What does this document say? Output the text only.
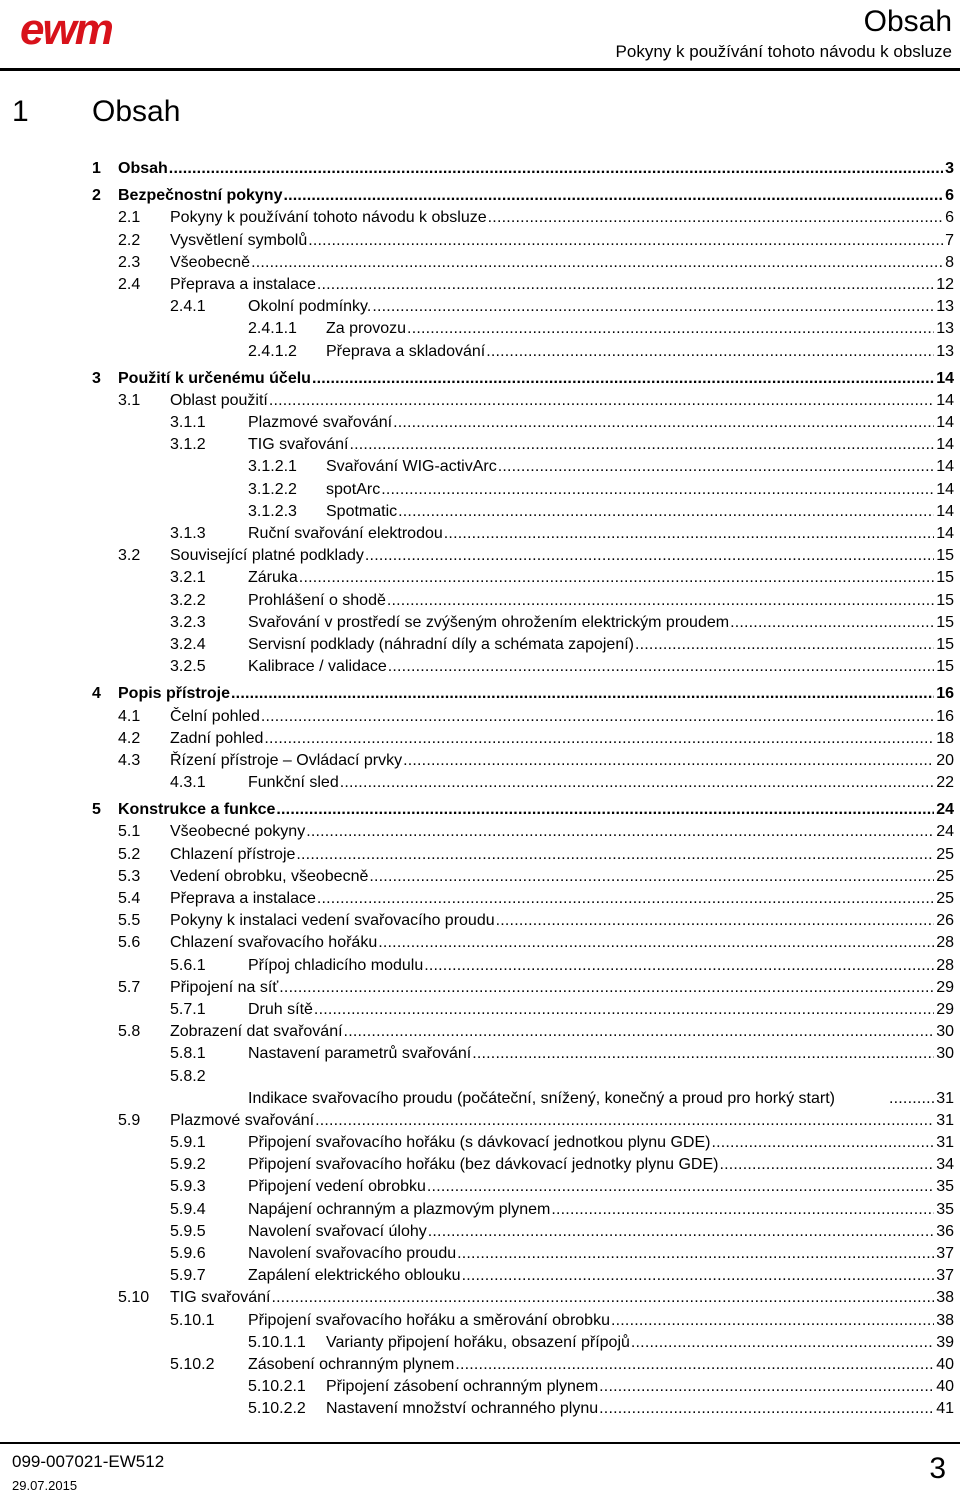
ewm	Obsah
Pokyny k používání tohoto návodu k obsluze
1 Obsah
1 Obsah .....	3
2 Bezpečnostní pokyny .....	6
2.1 Pokyny k používání tohoto návodu k obsluze .....	6
2.2 Vysvětlení symbolů .....	7
2.3 Všeobecně .....	8
2.4 Přeprava a instalace .....	12
2.4.1	Okolní podmínky. .....	13
2.4.1.1 Za provozu .....	13
2.4.1.2 Přeprava a skladování .....	13
3 Použití k určenému účelu .....	14
3.1 Oblast použití .....	14
3.1.1	Plazmové svařování .....	14
3.1.2	TIG svařování .....	14
3.1.2.1 Svařování WIG-activArc .....	14
3.1.2.2 spotArc .....	14
3.1.2.3 Spotmatic .....	14
3.1.3	Ruční svařování elektrodou .....	14
3.2 Související platné podklady .....	15
3.2.1	Záruka .....	15
3.2.2	Prohlášení o shodě .....	15
3.2.3	Svařování v prostředí se zvýšeným ohrožením elektrickým proudem .....	15
3.2.4	Servisní podklady (náhradní díly a schémata zapojení) .....	15
3.2.5	Kalibrace / validace .....	15
4 Popis přístroje .....	16
4.1 Čelní pohled .....	16
4.2 Zadní pohled .....	18
4.3 Řízení přístroje – Ovládací prvky .....	20
4.3.1	Funkční sled .....	22
5 Konstrukce a funkce .....	24
5.1 Všeobecné pokyny .....	24
5.2 Chlazení přístroje .....	25
5.3 Vedení obrobku, všeobecně .....	25
5.4 Přeprava a instalace .....	25
5.5 Pokyny k instalaci vedení svařovacího proudu .....	26
5.6 Chlazení svařovacího hořáku .....	28
5.6.1	Přípoj chladicího modulu .....	28
5.7 Připojení na síť .....	29
5.7.1	Druh sítě .....	29
5.8 Zobrazení dat svařování .....	30
5.8.1	Nastavení parametrů svařování .....	30
5.8.2
Indikace svařovacího proudu (počáteční, snížený, konečný a proud pro horký start) .....	31
5.9 Plazmové svařování .....	31
5.9.1	Připojení svařovacího hořáku (s dávkovací jednotkou plynu GDE) .....	31
5.9.2	Připojení svařovacího hořáku (bez dávkovací jednotky plynu GDE) .....	34
5.9.3	Připojení vedení obrobku .....	35
5.9.4	Napájení ochranným a plazmovým plynem .....	35
5.9.5	Navolení svařovací úlohy .....	36
5.9.6	Navolení svařovacího proudu .....	37
5.9.7	Zapálení elektrického oblouku .....	37
5.10 TIG svařování .....	38
5.10.1 Připojení svařovacího hořáku a směrování obrobku .....	38
5.10.1.1 Varianty připojení hořáku, obsazení přípojů .....	39
5.10.2 Zásobení ochranným plynem .....	40
5.10.2.1 Připojení zásobení ochranným plynem .....	40
5.10.2.2 Nastavení množství ochranného plynu .....	41
099-007021-EW512
29.07.2015
3
